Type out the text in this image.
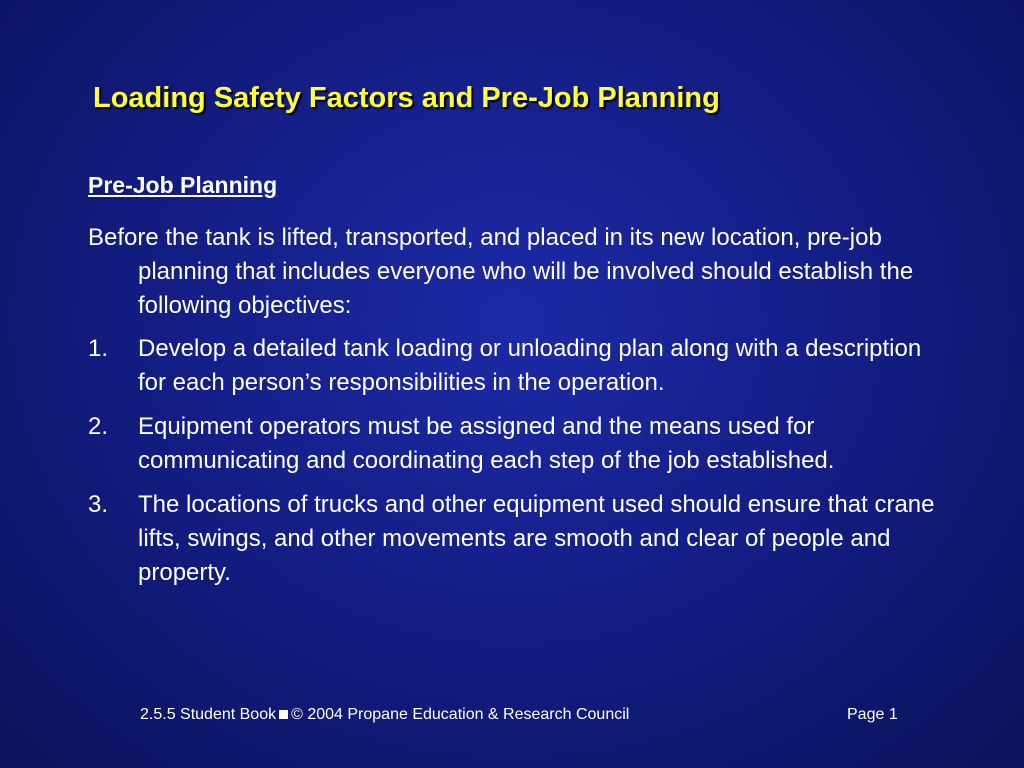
Loading Safety Factors and Pre-Job Planning
Pre-Job Planning
Before the tank is lifted, transported, and placed in its new location, pre-job planning that includes everyone who will be involved should establish the following objectives:
1. Develop a detailed tank loading or unloading plan along with a description for each person’s responsibilities in the operation.
2. Equipment operators must be assigned and the means used for communicating and coordinating each step of the job established.
3. The locations of trucks and other equipment used should ensure that crane lifts, swings, and other movements are smooth and clear of people and property.
2.5.5 Student Book © 2004 Propane Education & Research Council	Page 1
